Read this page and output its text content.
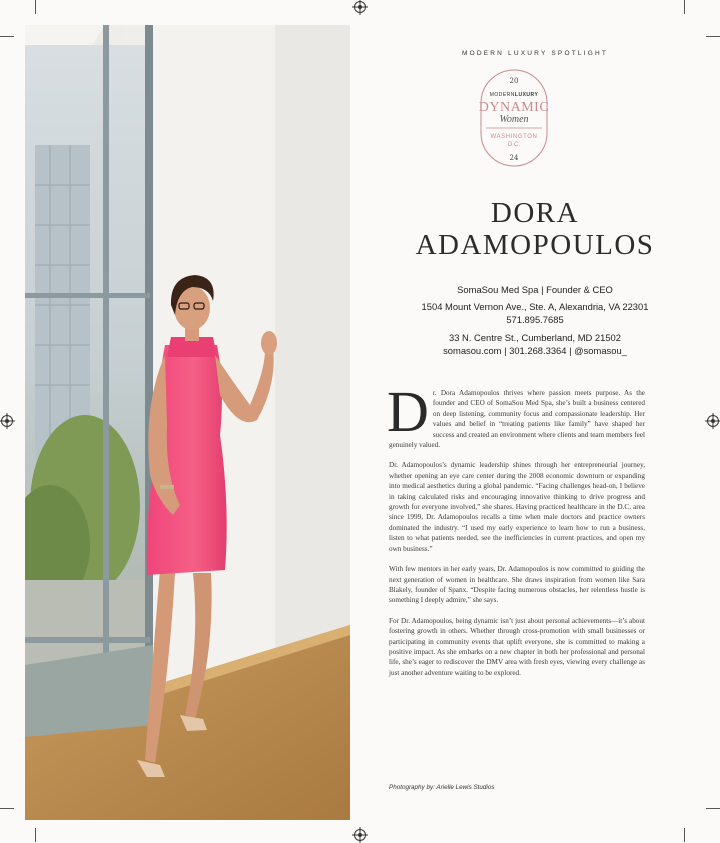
MODERN LUXURY SPOTLIGHT
20
MODERNLUXURY
DYNAMIC
Women
WASHINGTON
D.C.
24
DORA
ADAMOPOULOS
SomaSou Med Spa | Founder & CEO
1504 Mount Vernon Ave., Ste. A, Alexandria, VA 22301
571.895.7685
33 N. Centre St., Cumberland, MD 21502
somasou.com | 301.268.3364 | @somasou_

Dr. Dora Adamopoulos thrives where passion meets purpose. As the founder and CEO of SomaSou Med Spa, she’s built a business centered on deep listening, community focus and compassionate leadership. Her values and belief in “treating patients like family” have shaped her success and created an environment where clients and team members feel genuinely valued.

Dr. Adamopoulos’s dynamic leadership shines through her entrepreneurial journey, whether opening an eye care center during the 2008 economic downturn or expanding into medical aesthetics during a global pandemic. “Facing challenges head-on, I believe in taking calculated risks and encouraging innovative thinking to drive progress and growth for everyone involved,” she shares. Having practiced healthcare in the D.C. area since 1999, Dr. Adamopoulos recalls a time when male doctors and practice owners dominated the industry. “I used my early experience to learn how to run a business, listen to what patients needed, see the inefficiencies in current practices, and open my own business.”

With few mentors in her early years, Dr. Adamopoulos is now committed to guiding the next generation of women in healthcare. She draws inspiration from women like Sara Blakely, founder of Spanx. “Despite facing numerous obstacles, her relentless hustle is something I deeply admire,” she says.

For Dr. Adamopoulos, being dynamic isn’t just about personal achievements—it’s about fostering growth in others. Whether through cross-promotion with small businesses or participating in community events that uplift everyone, she is committed to making a positive impact. As she embarks on a new chapter in both her professional and personal life, she’s eager to rediscover the DMV area with fresh eyes, viewing every challenge as just another adventure waiting to be explored.

Photography by: Arielle Lewis Studios
